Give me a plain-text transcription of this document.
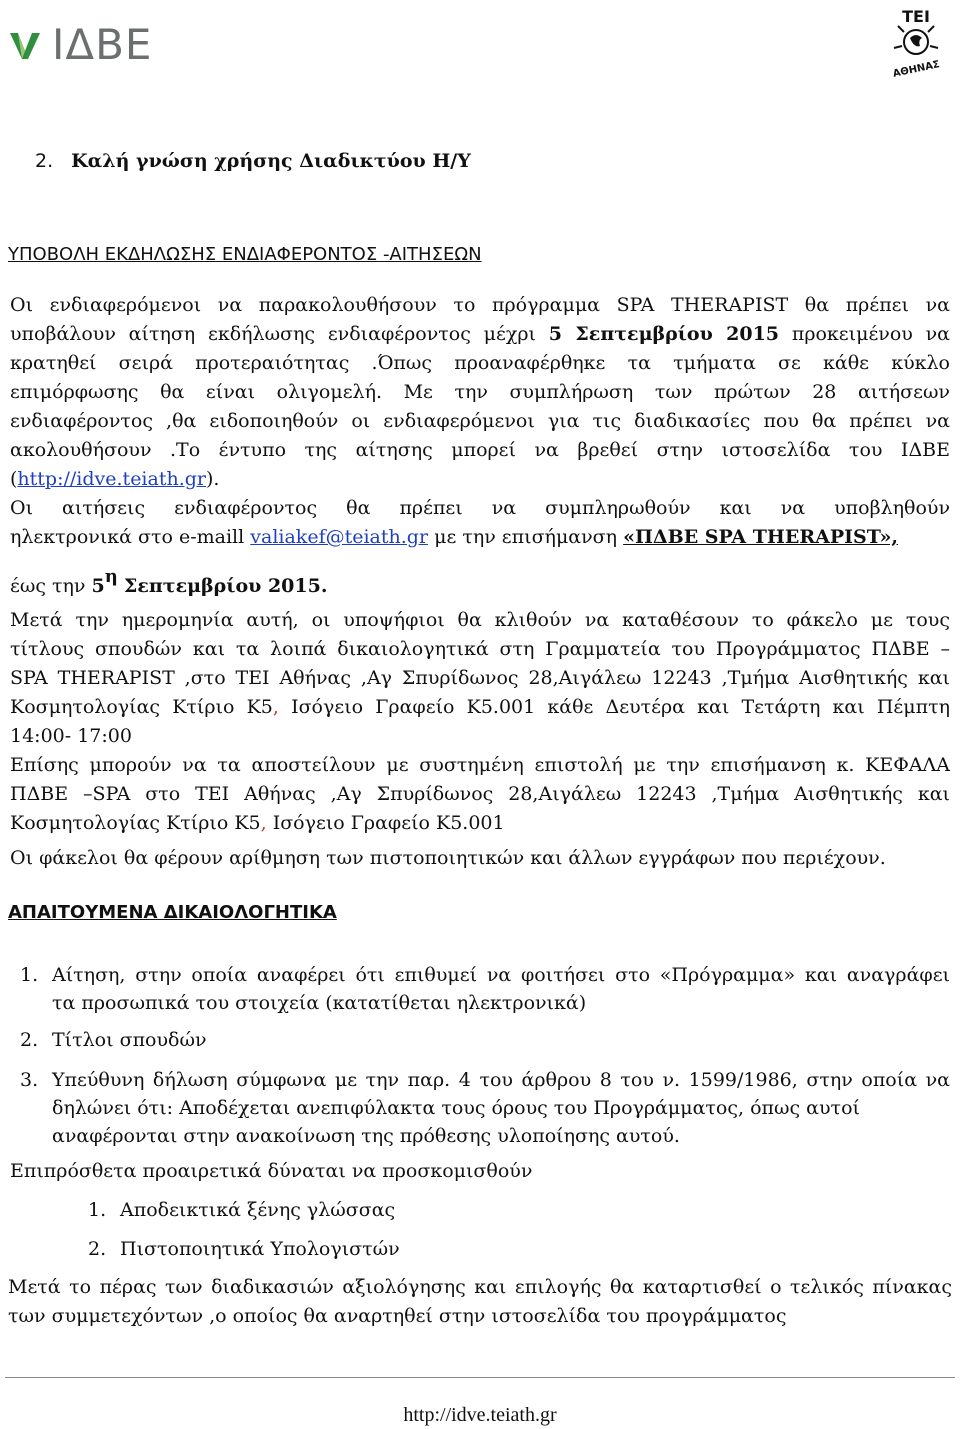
ΙΔΒΕ
ΤΕΙ
ΑΘΗΝΑΣ
2. Καλή γνώση χρήσης Διαδικτύου Η/Υ
ΥΠΟΒΟΛΗ ΕΚΔΗΛΩΣΗΣ ΕΝΔΙΑΦΕΡΟΝΤΟΣ -ΑΙΤΗΣΕΩΝ
Οι ενδιαφερόμενοι να παρακολουθήσουν το πρόγραμμα SPA THERAPIST θα πρέπει να
υποβάλουν αίτηση εκδήλωσης ενδιαφέροντος μέχρι 5 Σεπτεμβρίου 2015 προκειμένου να
κρατηθεί σειρά προτεραιότητας .Όπως προαναφέρθηκε τα τμήματα σε κάθε κύκλο
επιμόρφωσης θα είναι ολιγομελή. Με την συμπλήρωση των πρώτων 28 αιτήσεων
ενδιαφέροντος ,θα ειδοποιηθούν οι ενδιαφερόμενοι για τις διαδικασίες που θα πρέπει να
ακολουθήσουν .Το έντυπο της αίτησης μπορεί να βρεθεί στην ιστοσελίδα του ΙΔΒΕ
(http://idve.teiath.gr).
Οι αιτήσεις ενδιαφέροντος θα πρέπει να συμπληρωθούν και να υποβληθούν
ηλεκτρονικά στο e-maill valiakef@teiath.gr με την επισήμανση «ΠΔΒΕ SPA THERAPIST»,
έως την 5η Σεπτεμβρίου 2015.
Μετά την ημερομηνία αυτή, οι υποψήφιοι θα κλιθούν να καταθέσουν το φάκελο με τους
τίτλους σπουδών και τα λοιπά δικαιολογητικά στη Γραμματεία του Προγράμματος ΠΔΒΕ –
SPA THERAPIST ,στο ΤΕΙ Αθήνας ,Αγ Σπυρίδωνος 28,Αιγάλεω 12243 ,Τμήμα Αισθητικής και
Κοσμητολογίας Κτίριο Κ5, Ισόγειο Γραφείο Κ5.001 κάθε Δευτέρα και Τετάρτη και Πέμπτη
14:00- 17:00
Επίσης μπορούν να τα αποστείλουν με συστημένη επιστολή με την επισήμανση κ. ΚΕΦΑΛΑ
ΠΔΒΕ –SPA στο ΤΕΙ Αθήνας ,Αγ Σπυρίδωνος 28,Αιγάλεω 12243 ,Τμήμα Αισθητικής και
Κοσμητολογίας Κτίριο Κ5, Ισόγειο Γραφείο Κ5.001
Οι φάκελοι θα φέρουν αρίθμηση των πιστοποιητικών και άλλων εγγράφων που περιέχουν.
ΑΠΑΙΤΟΥΜΕΝΑ ΔΙΚΑΙΟΛΟΓΗΤΙΚΑ
1. Αίτηση, στην οποία αναφέρει ότι επιθυμεί να φοιτήσει στο «Πρόγραμμα» και αναγράφει
τα προσωπικά του στοιχεία (κατατίθεται ηλεκτρονικά)
2. Τίτλοι σπουδών
3. Υπεύθυνη δήλωση σύμφωνα με την παρ. 4 του άρθρου 8 του ν. 1599/1986, στην οποία να
δηλώνει ότι: Αποδέχεται ανεπιφύλακτα τους όρους του Προγράμματος, όπως αυτοί
αναφέρονται στην ανακοίνωση της πρόθεσης υλοποίησης αυτού.
Επιπρόσθετα προαιρετικά δύναται να προσκομισθούν
1. Αποδεικτικά ξένης γλώσσας
2. Πιστοποιητικά Υπολογιστών
Μετά το πέρας των διαδικασιών αξιολόγησης και επιλογής θα καταρτισθεί ο τελικός πίνακας
των συμμετεχόντων ,ο οποίος θα αναρτηθεί στην ιστοσελίδα του προγράμματος
http://idve.teiath.gr
